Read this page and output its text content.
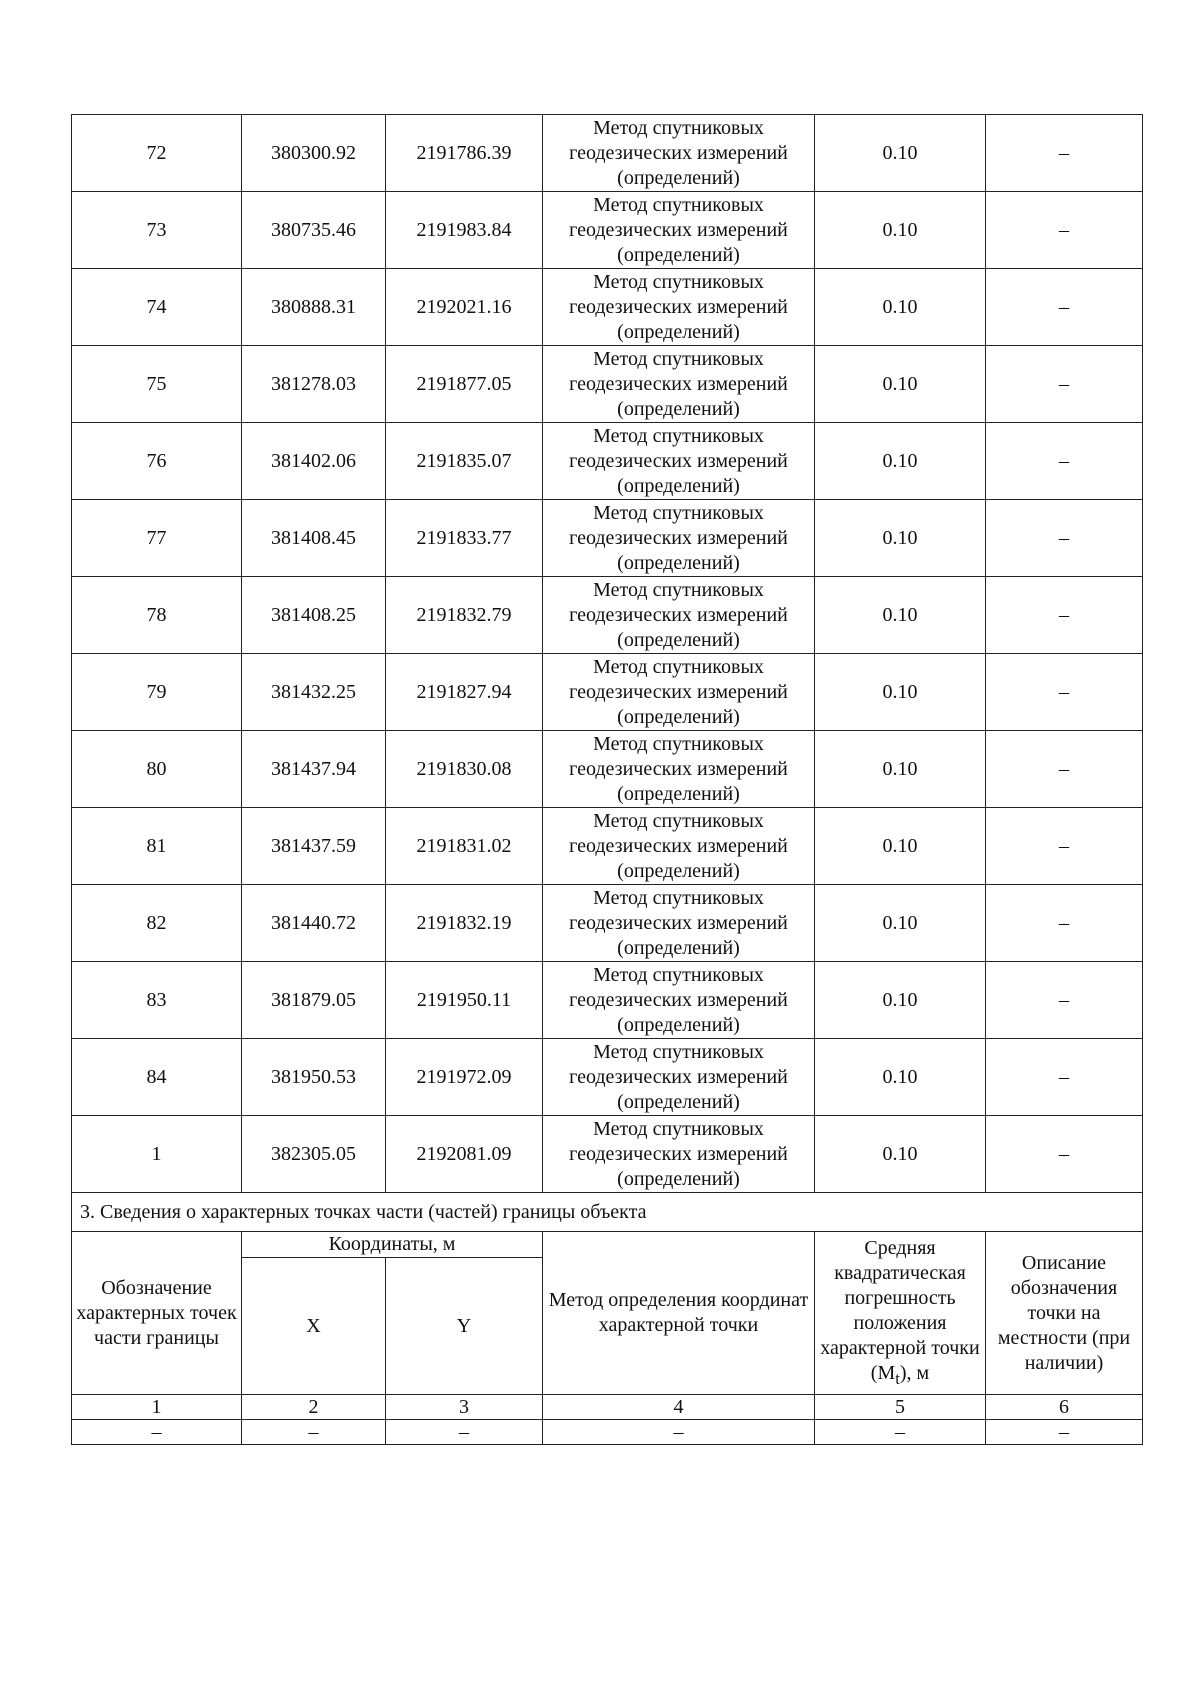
72	380300.92	2191786.39	Метод спутниковых геодезических измерений (определений)	0.10	–
73	380735.46	2191983.84	Метод спутниковых геодезических измерений (определений)	0.10	–
74	380888.31	2192021.16	Метод спутниковых геодезических измерений (определений)	0.10	–
75	381278.03	2191877.05	Метод спутниковых геодезических измерений (определений)	0.10	–
76	381402.06	2191835.07	Метод спутниковых геодезических измерений (определений)	0.10	–
77	381408.45	2191833.77	Метод спутниковых геодезических измерений (определений)	0.10	–
78	381408.25	2191832.79	Метод спутниковых геодезических измерений (определений)	0.10	–
79	381432.25	2191827.94	Метод спутниковых геодезических измерений (определений)	0.10	–
80	381437.94	2191830.08	Метод спутниковых геодезических измерений (определений)	0.10	–
81	381437.59	2191831.02	Метод спутниковых геодезических измерений (определений)	0.10	–
82	381440.72	2191832.19	Метод спутниковых геодезических измерений (определений)	0.10	–
83	381879.05	2191950.11	Метод спутниковых геодезических измерений (определений)	0.10	–
84	381950.53	2191972.09	Метод спутниковых геодезических измерений (определений)	0.10	–
1	382305.05	2192081.09	Метод спутниковых геодезических измерений (определений)	0.10	–
3. Сведения о характерных точках части (частей) границы объекта					
Обозначение характерных точек части границы	Координаты, м		Метод определения координат характерной точки	Средняя квадратическая погрешность положения характерной точки $(M_t)$, м	Описание обозначения точки на местности (при наличии)
	X	Y			
1	2	3	4	5	6
–	–	–	–	–	–
